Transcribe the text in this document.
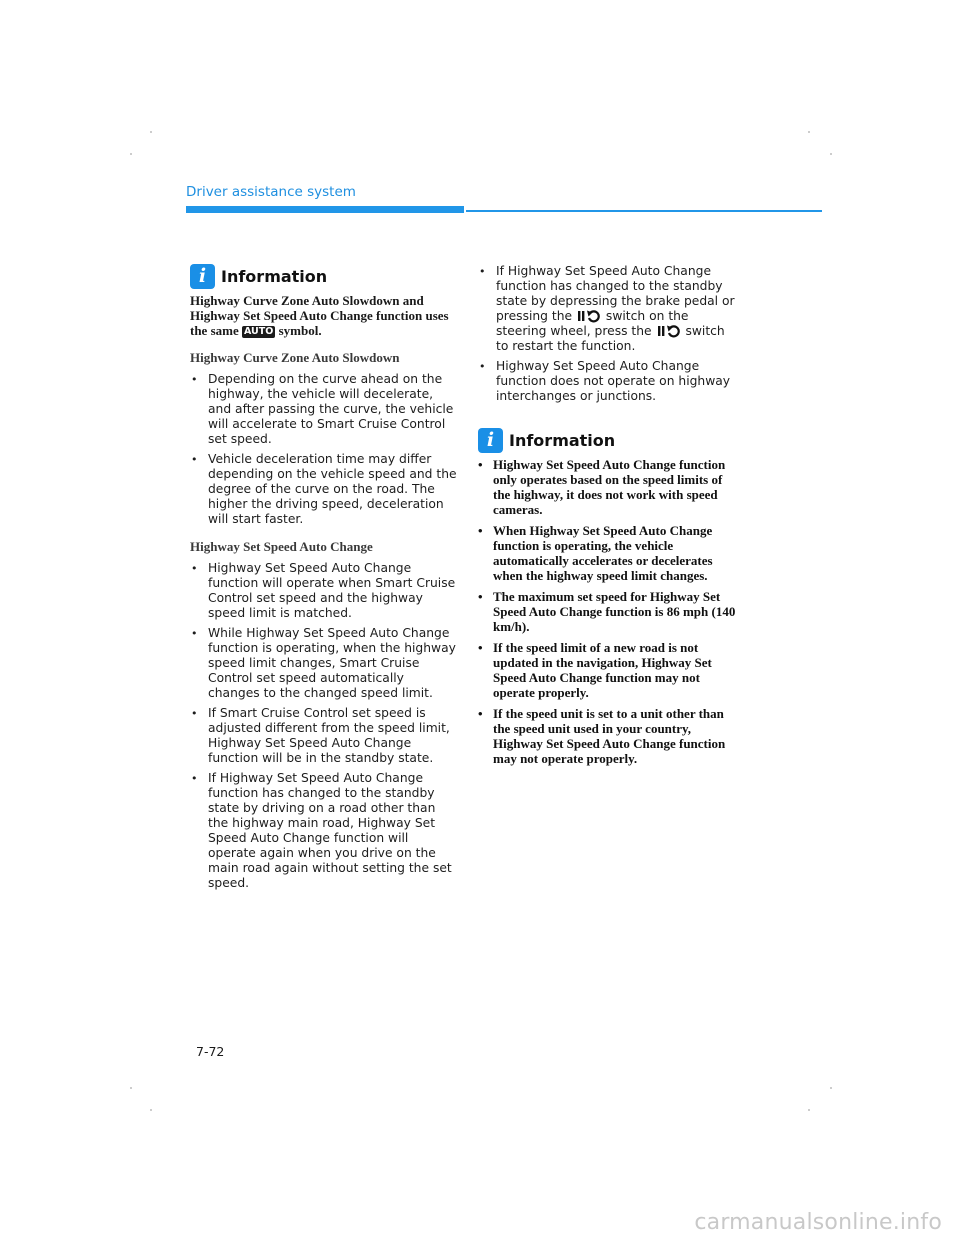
Driver assistance system
i Information

Highway Curve Zone Auto Slowdown and Highway Set Speed Auto Change function uses the same AUTO symbol.

Highway Curve Zone Auto Slowdown
• Depending on the curve ahead on the highway, the vehicle will decelerate, and after passing the curve, the vehicle will accelerate to Smart Cruise Control set speed.
• Vehicle deceleration time may differ depending on the vehicle speed and the degree of the curve on the road. The higher the driving speed, deceleration will start faster.
Highway Set Speed Auto Change
• Highway Set Speed Auto Change function will operate when Smart Cruise Control set speed and the highway speed limit is matched.
• While Highway Set Speed Auto Change function is operating, when the highway speed limit changes, Smart Cruise Control set speed automatically changes to the changed speed limit.
• If Smart Cruise Control set speed is adjusted different from the speed limit, Highway Set Speed Auto Change function will be in the standby state.
• If Highway Set Speed Auto Change function has changed to the standby state by driving on a road other than the highway main road, Highway Set Speed Auto Change function will operate again when you drive on the main road again without setting the set speed.
• If Highway Set Speed Auto Change function has changed to the standby state by depressing the brake pedal or pressing the	switch on the steering wheel, press the	switch to restart the function.
• Highway Set Speed Auto Change function does not operate on highway interchanges or junctions.
i Information
• Highway Set Speed Auto Change function only operates based on the speed limits of the highway, it does not work with speed cameras.
• When Highway Set Speed Auto Change function is operating, the vehicle automatically accelerates or decelerates when the highway speed limit changes.
• The maximum set speed for Highway Set Speed Auto Change function is 86 mph (140 km/h).
• If the speed limit of a new road is not updated in the navigation, Highway Set Speed Auto Change function may not operate properly.
• If the speed unit is set to a unit other than the speed unit used in your country, Highway Set Speed Auto Change function may not operate properly.
7-72
carmanualsonline.info
